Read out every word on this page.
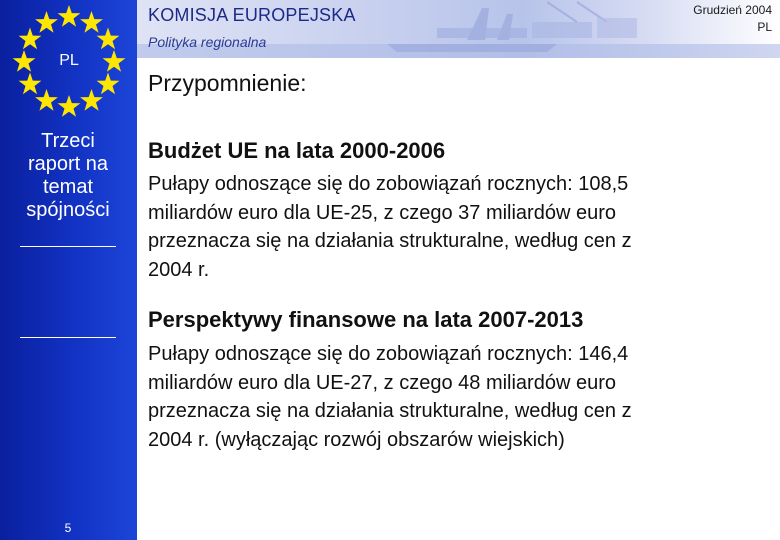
KOMISJA EUROPEJSKA
Polityka regionalna
Grudzień 2004
PL
PL
Trzeci
raport na
temat
spójności
5
Przypomnienie:
Budżet UE na lata 2000-2006
Pułapy odnoszące się do zobowiązań rocznych: 108,5
miliardów euro dla UE-25, z czego 37 miliardów euro
przeznacza się na działania strukturalne, według cen z
2004 r.
Perspektywy finansowe na lata 2007-2013
Pułapy odnoszące się do zobowiązań rocznych: 146,4
miliardów euro dla UE-27, z czego 48 miliardów euro
przeznacza się na działania strukturalne, według cen z
2004 r. (wyłączając rozwój obszarów wiejskich)
